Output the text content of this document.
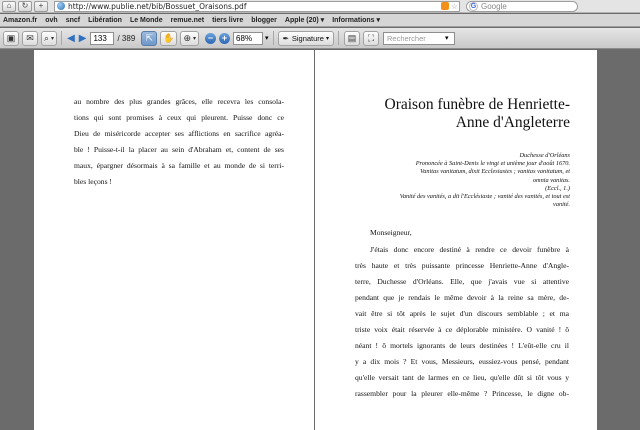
⌂ ↻ +	http://www.publie.net/bib/Bossuet_Oraisons.pdf	☆ G Google
Amazon.fr ovh sncf Libération Le Monde remue.net tiers livre blogger Apple (20) ▾ Informations ▾
▣ ✉ ⌕ ▾ ◀ ▶ 133	/ 389 ⇱ ✋ ⊕ ▾	− +	68%	▾ ✒ Signature ▾ ▤ ⛶	Rechercher	▾
au nombre des plus grandes grâces, elle recevra les consola-
tions qui sont promises à ceux qui pleurent. Puisse donc ce
Dieu de miséricorde accepter ses afflictions en sacrifice agréa-
ble ! Puisse-t-il la placer au sein d'Abraham et, content de ses
maux, épargner désormais à sa famille et au monde de si terri-
bles leçons !
Oraison funèbre de Henriette-
Anne d'Angleterre
Duchesse d'Orléans
Prononcée à Saint-Denis le vingt et unième jour d'août 1670.
Vanitas vanitatum, dixit Ecclesiastes ; vanitas vanitatum, et
omnia vanitas.
(Eccl., 1.)
Vanité des vanités, a dit l'Ecclésiaste ; vanité des vanités, et tout est
vanité.
Monseigneur,
J'étais donc encore destiné à rendre ce devoir funèbre à
très haute et très puissante princesse Henriette-Anne d'Angle-
terre, Duchesse d'Orléans. Elle, que j'avais vue si attentive
pendant que je rendais le même devoir à la reine sa mère, de-
vait être si tôt après le sujet d'un discours semblable ; et ma
triste voix était réservée à ce déplorable ministère. O vanité ! ô
néant ! ô mortels ignorants de leurs destinées ! L'eût-elle cru il
y a dix mois ? Et vous, Messieurs, eussiez-vous pensé, pendant
qu'elle versait tant de larmes en ce lieu, qu'elle dût si tôt vous y
rassembler pour la pleurer elle-même ? Princesse, le digne ob-
